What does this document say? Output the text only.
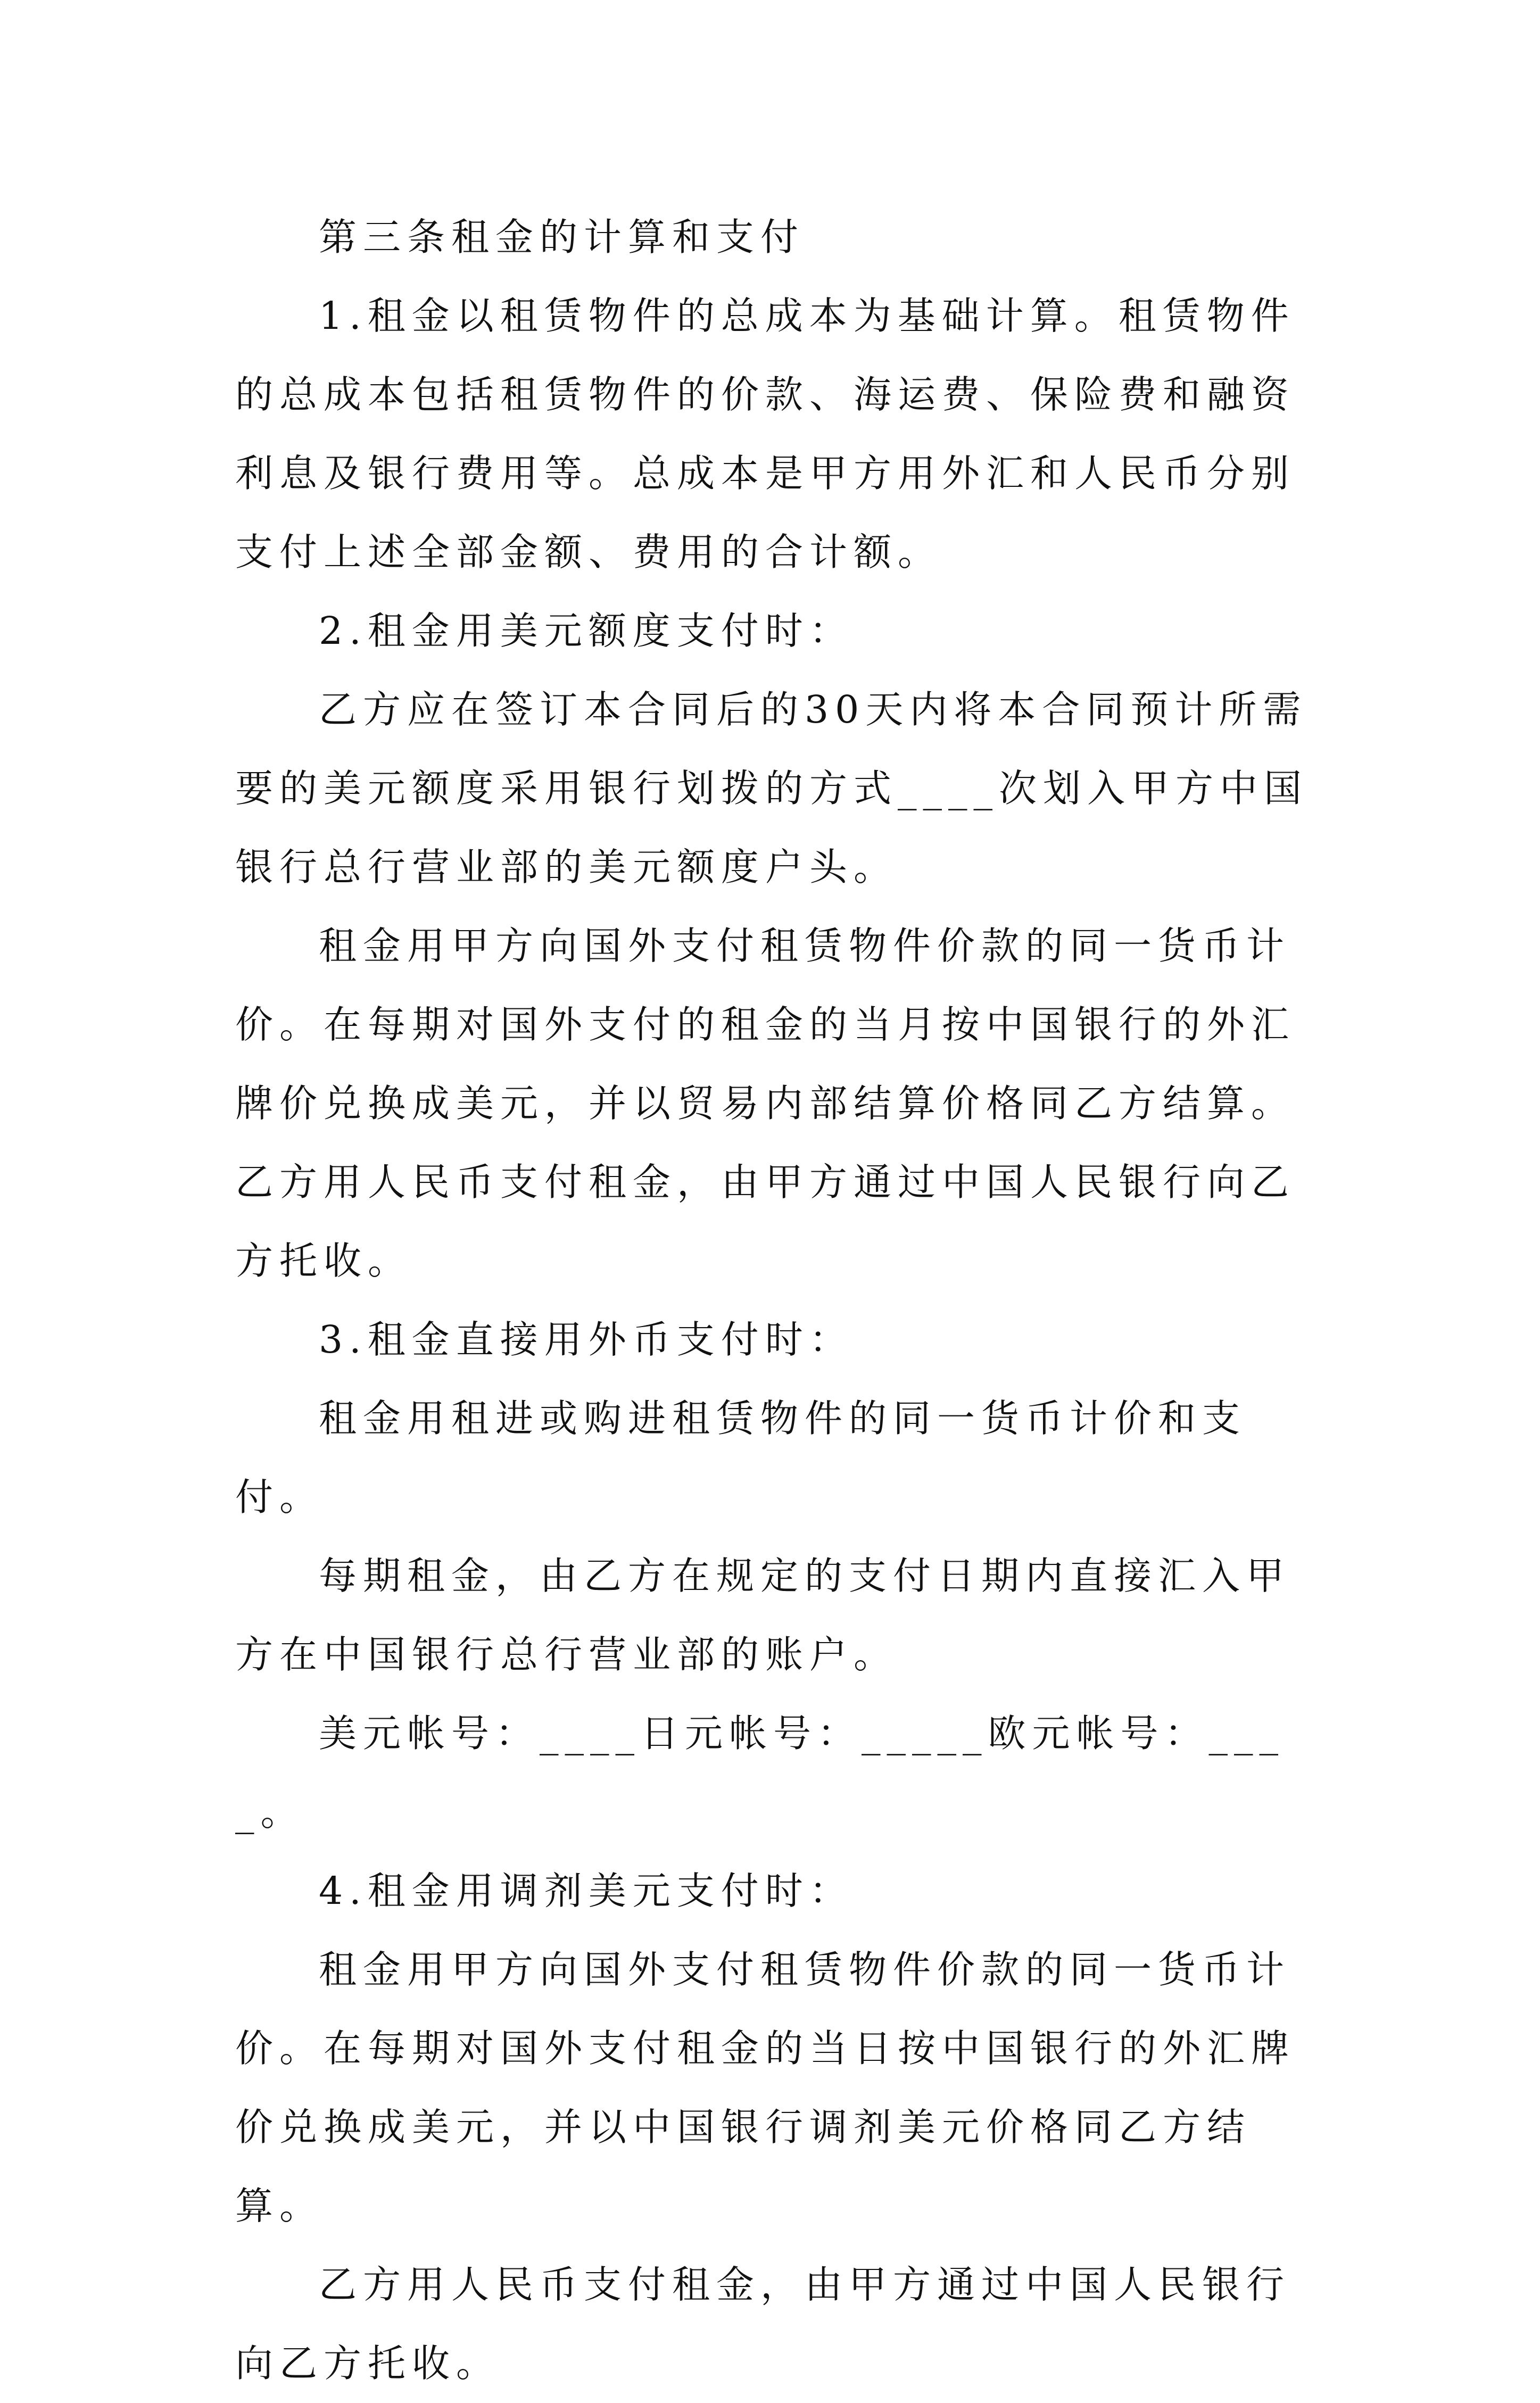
第三条租金的计算和支付

1.租金以租赁物件的总成本为基础计算。租赁物件的总成本包括租赁物件的价款、海运费、保险费和融资利息及银行费用等。总成本是甲方用外汇和人民币分别支付上述全部金额、费用的合计额。

2.租金用美元额度支付时：

乙方应在签订本合同后的30天内将本合同预计所需要的美元额度采用银行划拨的方式____次划入甲方中国银行总行营业部的美元额度户头。

租金用甲方向国外支付租赁物件价款的同一货币计价。在每期对国外支付的租金的当月按中国银行的外汇牌价兑换成美元，并以贸易内部结算价格同乙方结算。乙方用人民币支付租金，由甲方通过中国人民银行向乙方托收。

3.租金直接用外币支付时：

租金用租进或购进租赁物件的同一货币计价和支付。

每期租金，由乙方在规定的支付日期内直接汇入甲方在中国银行总行营业部的账户。

美元帐号：____日元帐号：_____欧元帐号：____。

4.租金用调剂美元支付时：

租金用甲方向国外支付租赁物件价款的同一货币计价。在每期对国外支付租金的当日按中国银行的外汇牌价兑换成美元，并以中国银行调剂美元价格同乙方结算。

乙方用人民币支付租金，由甲方通过中国人民银行向乙方托收。
